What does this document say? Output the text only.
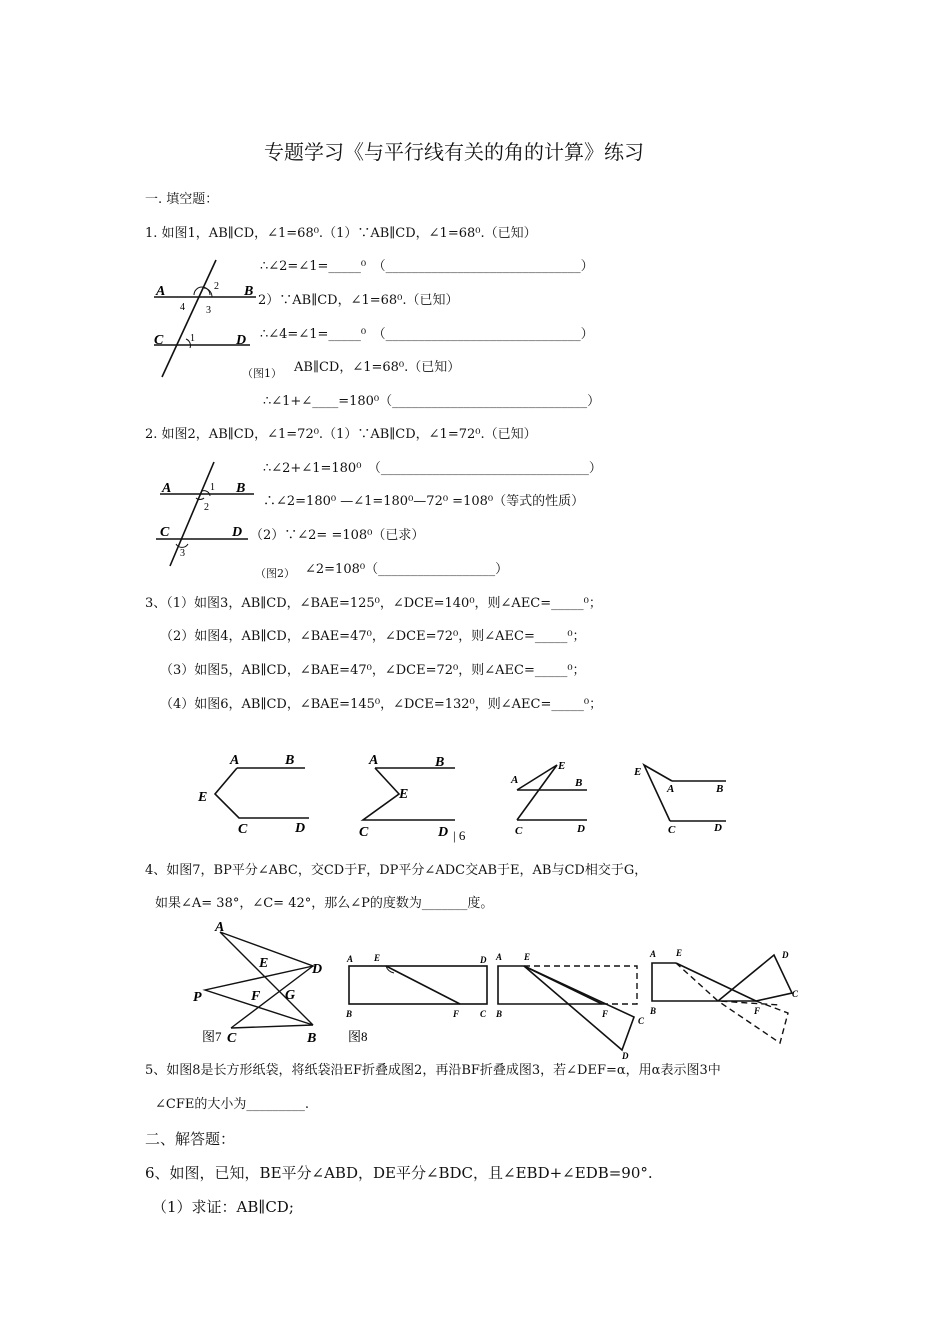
专题学习《与平行线有关的角的计算》练习
一. 填空题：
1. 如图1，AB∥CD，∠1=68⁰.（1）∵AB∥CD，∠1=68⁰.（已知）
∴∠2=∠1=_____⁰　（______________________________）
2）∵AB∥CD，∠1=68⁰.（已知）
∴∠4=∠1=_____⁰　（______________________________）
AB∥CD，∠1=68⁰.（已知）
∴∠1+∠____=180⁰（______________________________）
（图1）
A	B
C	D
2
4 3
1
2. 如图2，AB∥CD，∠1=72⁰.（1）∵AB∥CD，∠1=72⁰.（已知）
∴∠2+∠1=180⁰　（________________________________）
∴∠2=180⁰ —∠1=180⁰—72⁰ =108⁰（等式的性质）
（2）∵∠2= =108⁰（已求）
∠2=108⁰（__________________）
（图2）
A	B
C	D
1
2
3
3、（1）如图3，AB∥CD，∠BAE=125⁰，∠DCE=140⁰，则∠AEC=_____⁰；
（2）如图4，AB∥CD，∠BAE=47⁰，∠DCE=72⁰，则∠AEC=_____⁰；
（3）如图5，AB∥CD，∠BAE=47⁰，∠DCE=72⁰，则∠AEC=_____⁰；
（4）如图6，AB∥CD，∠BAE=145⁰，∠DCE=132⁰，则∠AEC=_____⁰；
A	B
E
C	D
A	B
E
C	D | 6
A
E
B
C	D
E
A	B
C	D
4、如图7，BP平分∠ABC，交CD于F，DP平分∠ADC交AB于E，AB与CD相交于G，
如果∠A= 38°，∠C= 42°，那么∠P的度数为_______度。
A
E	D
P	F G
B
C
图7	图8
A E	D
B	F C
A E
B	F
C
D
A E	D
C
B	F
5、如图8是长方形纸袋，将纸袋沿EF折叠成图2，再沿BF折叠成图3，若∠DEF=α，用α表示图3中
∠CFE的大小为_________.
二、解答题：
6、如图，已知，BE平分∠ABD，DE平分∠BDC，且∠EBD+∠EDB=90°.
（1）求证：AB∥CD;
